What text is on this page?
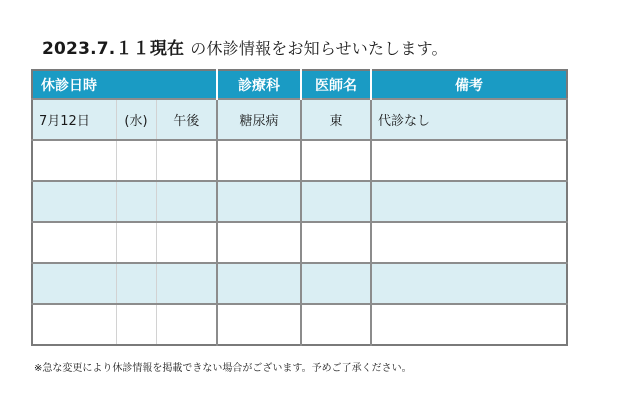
2023.7.１１現在 の休診情報をお知らせいたします。
休診日時			診療科	医師名	備考
7月12日	(水)	午後	糖尿病	東	代診なし

※急な変更により休診情報を掲載できない場合がございます。予めご了承ください。
